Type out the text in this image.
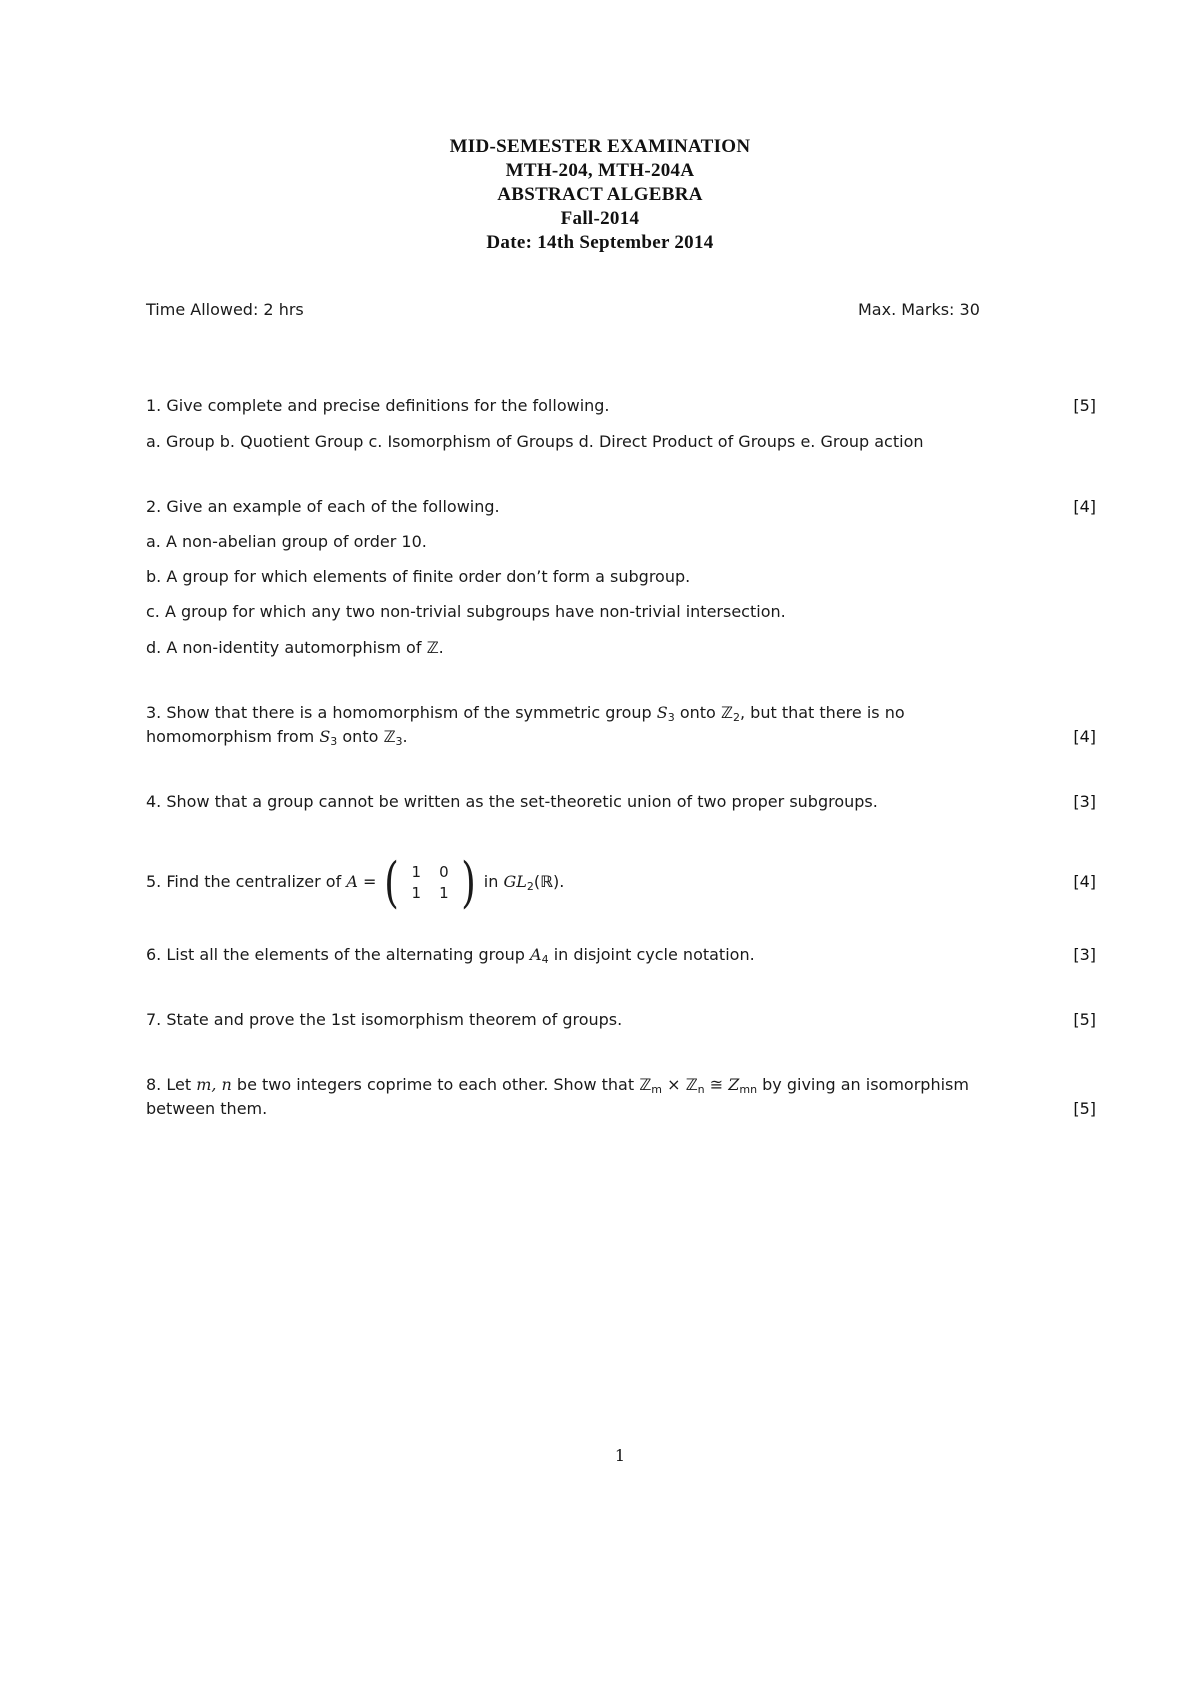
MID-SEMESTER EXAMINATION
MTH-204, MTH-204A
ABSTRACT ALGEBRA
Fall-2014
Date: 14th September 2014
Time Allowed: 2 hrs	Max. Marks: 30
1. Give complete and precise definitions for the following.	[5]
a. Group b. Quotient Group c. Isomorphism of Groups d. Direct Product of Groups e. Group action
2. Give an example of each of the following.	[4]
a. A non-abelian group of order 10.
b. A group for which elements of finite order don’t form a subgroup.
c. A group for which any two non-trivial subgroups have non-trivial intersection.
d. A non-identity automorphism of ℤ.
3. Show that there is a homomorphism of the symmetric group $S_3$ onto ℤ$_2$, but that there is no
homomorphism from $S_3$ onto ℤ$_3$.	[4]
4. Show that a group cannot be written as the set-theoretic union of two proper subgroups.	[3]
5. Find the centralizer of A = ( 1	0
1	1 ) in $GL_2(ℝ)$.	[4]
6. List all the elements of the alternating group $A_4$ in disjoint cycle notation.	[3]
7. State and prove the 1st isomorphism theorem of groups.	[5]
8. Let m, n be two integers coprime to each other. Show that ℤ$_m$ × ℤ$_n$ ≅ $Z_{mn}$ by giving an isomorphism
between them.	[5]
1
